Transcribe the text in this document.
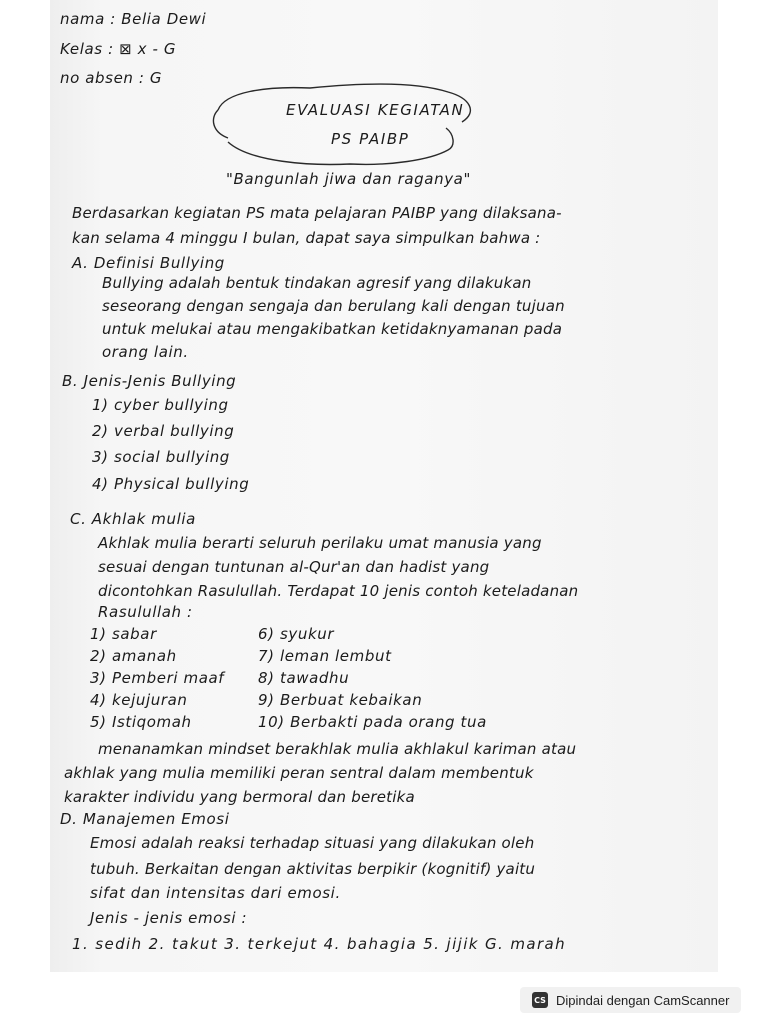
nama : Belia Dewi
Kelas : ⊠ x - G
no absen : G
EVALUASI KEGIATAN
PS PAIBP
"Bangunlah jiwa dan raganya"
Berdasarkan kegiatan PS mata pelajaran PAIBP yang dilaksana-
kan selama 4 minggu I bulan, dapat saya simpulkan bahwa :
A. Definisi Bullying
Bullying adalah bentuk tindakan agresif yang dilakukan
seseorang dengan sengaja dan berulang kali dengan tujuan
untuk melukai atau mengakibatkan ketidaknyamanan pada
orang lain.
B. Jenis-Jenis Bullying
1) cyber bullying
2) verbal bullying
3) social bullying
4) Physical bullying
C. Akhlak mulia
Akhlak mulia berarti seluruh perilaku umat manusia yang
sesuai dengan tuntunan al-Qur'an dan hadist yang
dicontohkan Rasulullah. Terdapat 10 jenis contoh keteladanan
Rasulullah :
1) sabar
2) amanah
3) Pemberi maaf
4) kejujuran
5) Istiqomah
6) syukur
7) leman lembut
8) tawadhu
9) Berbuat kebaikan
10) Berbakti pada orang tua
menanamkan mindset berakhlak mulia akhlakul kariman atau
akhlak yang mulia memiliki peran sentral dalam membentuk
karakter individu yang bermoral dan beretika
D. Manajemen Emosi
Emosi adalah reaksi terhadap situasi yang dilakukan oleh
tubuh. Berkaitan dengan aktivitas berpikir (kognitif) yaitu
sifat dan intensitas dari emosi.
Jenis - jenis emosi :
1. sedih 2. takut 3. terkejut 4. bahagia 5. jijik G. marah
CS Dipindai dengan CamScanner
